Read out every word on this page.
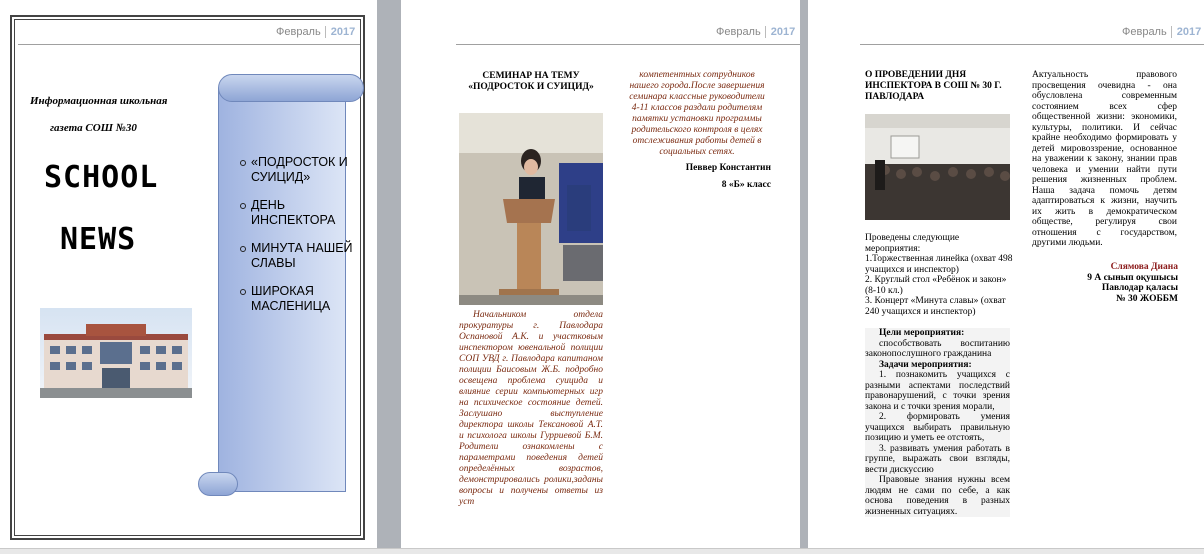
Февраль 2017
Информационная школьная
газета СОШ №30
SCHOOL
NEWS
«ПОДРОСТОК И СУИЦИД»
ДЕНЬ ИНСПЕКТОРА
МИНУТА НАШЕЙ СЛАВЫ
ШИРОКАЯ МАСЛЕНИЦА
Февраль 2017
СЕМИНАР НА ТЕМУ «ПОДРОСТОК И СУИЦИД»
Начальником отдела прокуратуры г. Павлодара Оспановой А.К. и участковым инспектором ювенальной полиции СОП УВД г. Павлодара капитаном полиции Баисовым Ж.Б. подробно освещена проблема суицида и влияние серии компьютерных игр на психическое состояние детей. Заслушано выступление директора школы Тексановой А.Т. и психолога школы Гурриевой Б.М. Родители ознакомлены с параметрами поведения детей определённых возрастов, демонстрировались ролики,заданы вопросы и получены ответы из уст
компетентных сотрудников нашего города.После завершения семинара классные руководители 4-11 классов раздали родителям памятки установки программы родительского контроля в целях отслеживания работы детей в социальных сетях.
Певвер Константин
8 «Б» класс
Февраль 2017
О ПРОВЕДЕНИИ ДНЯ ИНСПЕКТОРА В СОШ № 30 Г. ПАВЛОДАРА
Проведены следующие мероприятия:
1.Торжественная линейка (охват 498 учащихся и инспектор)
2. Круглый стол «Ребёнок и закон» (8-10 кл.)
3. Концерт «Минута славы» (охват 240 учащихся и инспектор)
Цели мероприятия:
способствовать воспитанию законопослушного гражданина
Задачи мероприятия:
1. познакомить учащихся с разными аспектами последствий правонарушений, с точки зрения закона и с точки зрения морали,
2. формировать умения учащихся выбирать правильную позицию и уметь ее отстоять,
3. развивать умения работать в группе, выражать свои взгляды, вести дискуссию
Правовые знания нужны всем людям не сами по себе, а как основа поведения в разных жизненных ситуациях.
Актуальность правового просвещения очевидна - она обусловлена современным состоянием всех сфер общественной жизни: экономики, культуры, политики. И сейчас крайне необходимо формировать у детей мировоззрение, основанное на уважении к закону, знании прав человека и умении найти пути решения жизненных проблем. Наша задача помочь детям адаптироваться к жизни, научить их жить в демократическом обществе, регулируя свои отношения с государством, другими людьми.
Слямова Диана
9 А сынып оқушысы
Павлодар қаласы
№ 30 ЖОББМ
